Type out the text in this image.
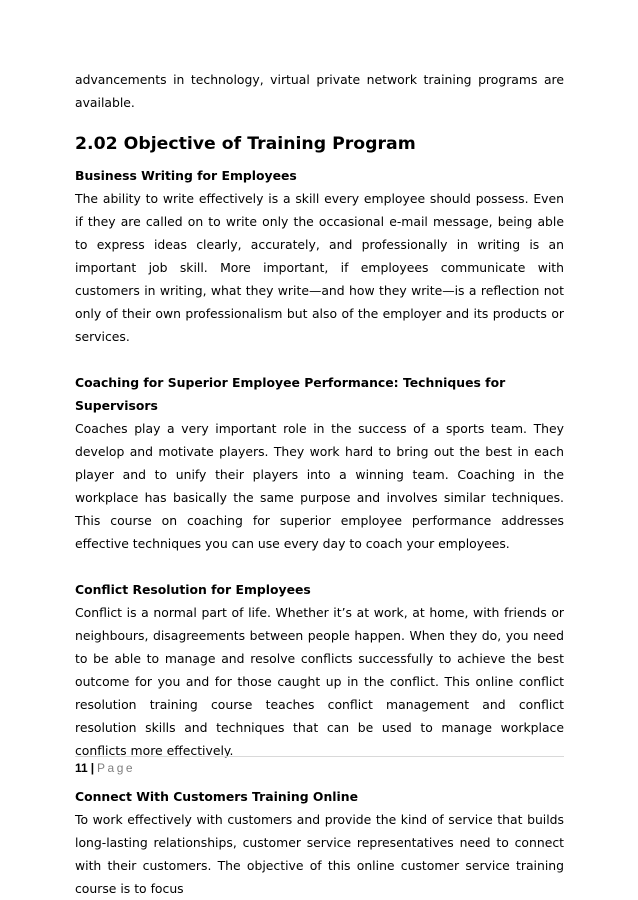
advancements in technology, virtual private network training programs are available.

2.02 Objective of Training Program
Business Writing for Employees

The ability to write effectively is a skill every employee should possess. Even if they are called on to write only the occasional e-mail message, being able to express ideas clearly, accurately, and professionally in writing is an important job skill. More important, if employees communicate with customers in writing, what they write—and how they write—is a reflection not only of their own professionalism but also of the employer and its products or services.

Coaching for Superior Employee Performance: Techniques for Supervisors

Coaches play a very important role in the success of a sports team. They develop and motivate players. They work hard to bring out the best in each player and to unify their players into a winning team. Coaching in the workplace has basically the same purpose and involves similar techniques. This course on coaching for superior employee performance addresses effective techniques you can use every day to coach your employees.

Conflict Resolution for Employees

Conflict is a normal part of life. Whether it’s at work, at home, with friends or neighbours, disagreements between people happen. When they do, you need to be able to manage and resolve conflicts successfully to achieve the best outcome for you and for those caught up in the conflict. This online conflict resolution training course teaches conflict management and conflict resolution skills and techniques that can be used to manage workplace conflicts more effectively.

Connect With Customers Training Online

To work effectively with customers and provide the kind of service that builds long-lasting relationships, customer service representatives need to connect with their customers. The objective of this online customer service training course is to focus

11 | Page
